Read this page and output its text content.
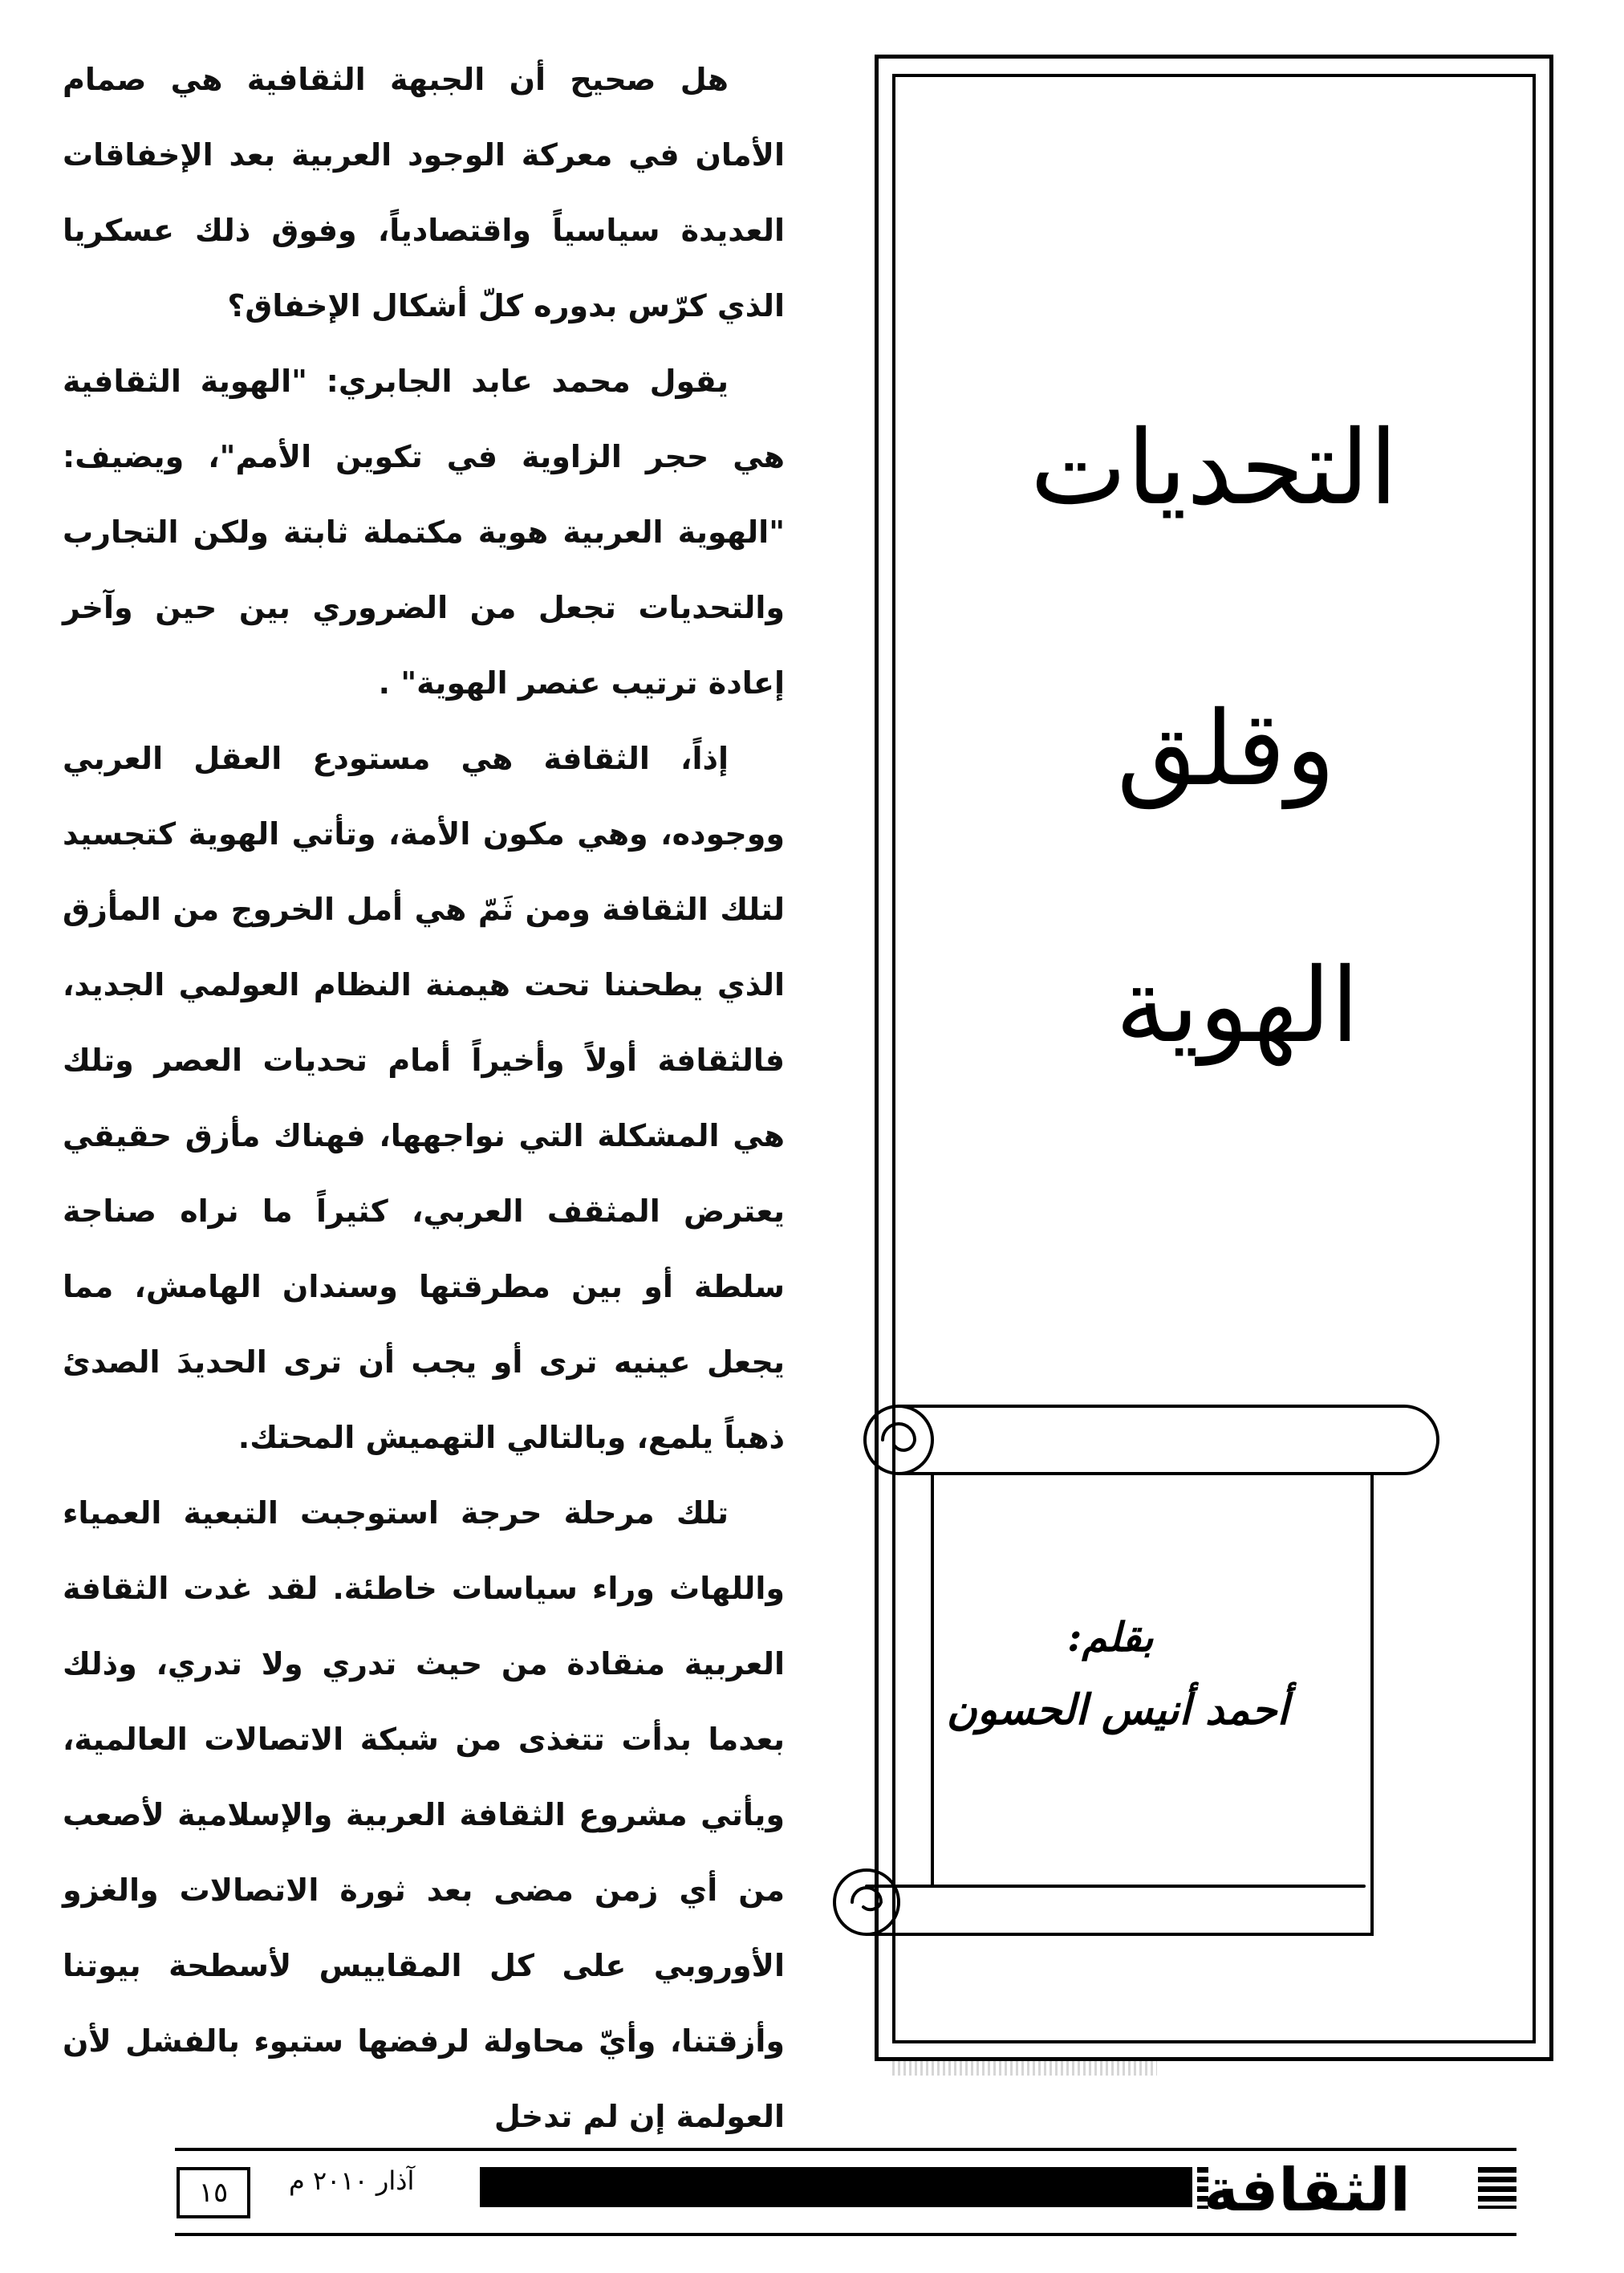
هل صحيح أن الجبهة الثقافية هي صمام الأمان في معركة الوجود العربية بعد الإخفاقات العديدة سياسياً واقتصادياً، وفوق ذلك عسكريا الذي كرّس بدوره كلّ أشكال الإخفاق؟

يقول محمد عابد الجابري: "الهوية الثقافية هي حجر الزاوية في تكوين الأمم"، ويضيف: "الهوية العربية هوية مكتملة ثابتة ولكن التجارب والتحديات تجعل من الضروري بين حين وآخر إعادة ترتيب عنصر الهوية" .

إذاً، الثقافة هي مستودع العقل العربي ووجوده، وهي مكون الأمة، وتأتي الهوية كتجسيد لتلك الثقافة ومن ثَمّ هي أمل الخروج من المأزق الذي يطحننا تحت هيمنة النظام العولمي الجديد، فالثقافة أولاً وأخيراً أمام تحديات العصر وتلك هي المشكلة التي نواجهها، فهناك مأزق حقيقي يعترض المثقف العربي، كثيراً ما نراه صناجة سلطة أو بين مطرقتها وسندان الهامش، مما يجعل عينيه ترى أو يجب أن ترى الحديدَ الصدئ ذهباً يلمع، وبالتالي التهميش المحتك.

تلك مرحلة حرجة استوجبت التبعية العمياء واللهاث وراء سياسات خاطئة. لقد غدت الثقافة العربية منقادة من حيث تدري ولا تدري، وذلك بعدما بدأت تتغذى من شبكة الاتصالات العالمية، ويأتي مشروع الثقافة العربية والإسلامية لأصعب من أي زمن مضى بعد ثورة الاتصالات والغزو الأوروبي على كل المقاييس لأسطحة بيوتنا وأزقتنا، وأيّ محاولة لرفضها ستبوء بالفشل لأن العولمة إن لم تدخل

التحديات
وقلق
الهوية
بقلم:
أحمد أنيس الحسون
الثقافة
آذار ٢٠١٠ م
١٥
